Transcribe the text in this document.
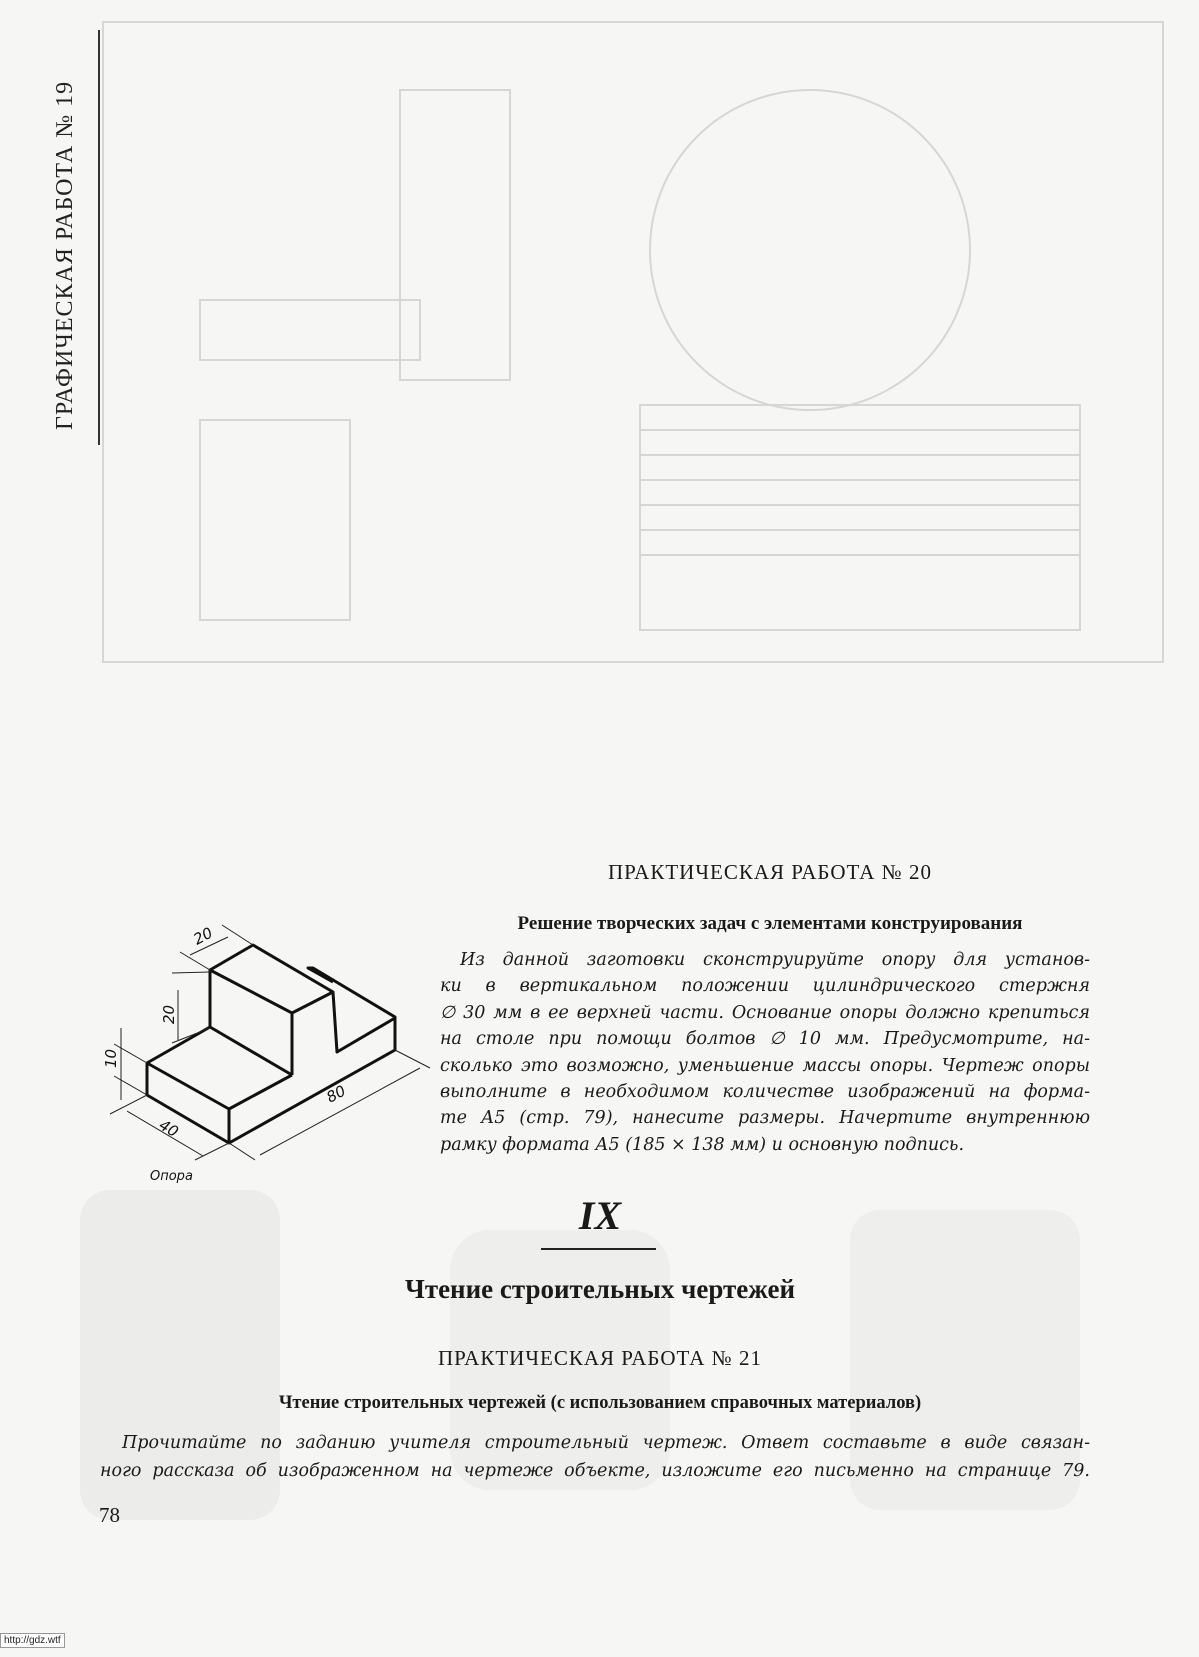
ГРАФИЧЕСКАЯ РАБОТА № 19
ПРАКТИЧЕСКАЯ РАБОТА № 20
Решение творческих задач с элементами конструирования
Из данной заготовки сконструируйте опору для установ-
ки в вертикальном положении цилиндрического стержня
∅ 30 мм в ее верхней части. Основание опоры должно крепиться
на столе при помощи болтов ∅ 10 мм. Предусмотрите, на-
сколько это возможно, уменьшение массы опоры. Чертеж опоры
выполните в необходимом количестве изображений на форма-
те А5 (стр. 79), нанесите размеры. Начертите внутреннюю
рамку формата А5 (185 × 138 мм) и основную подпись.
20
20
10
40
80
Опора
IX
Чтение строительных чертежей
ПРАКТИЧЕСКАЯ РАБОТА № 21
Чтение строительных чертежей (с использованием справочных материалов)
Прочитайте по заданию учителя строительный чертеж. Ответ составьте в виде связан-
ного рассказа об изображенном на чертеже объекте, изложите его письменно на странице 79.
78
http://gdz.wtf
